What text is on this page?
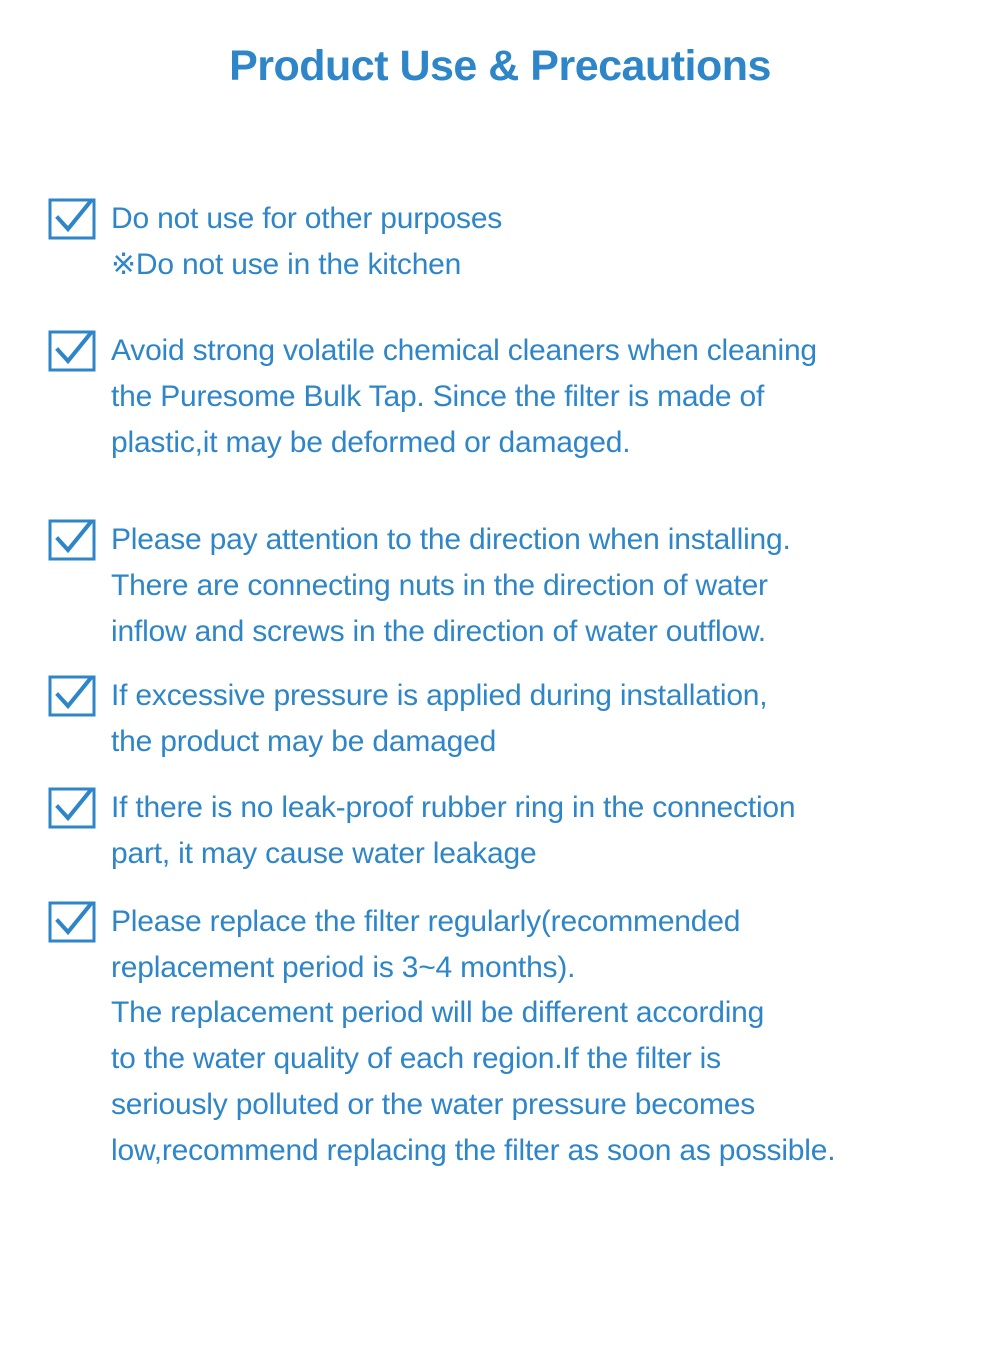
Product Use & Precautions
Do not use for other purposes
※Do not use in the kitchen
Avoid strong volatile chemical cleaners when cleaning
the Puresome Bulk Tap. Since the filter is made of
plastic,it may be deformed or damaged.
Please pay attention to the direction when installing.
There are connecting nuts in the direction of water
inflow and screws in the direction of water outflow.
If excessive pressure is applied during installation,
the product may be damaged
If there is no leak-proof rubber ring in the connection
part, it may cause water leakage
Please replace the filter regularly(recommended
replacement period is 3~4 months).
The replacement period will be different according
to the water quality of each region.If the filter is
seriously polluted or the water pressure becomes
low,recommend replacing the filter as soon as possible.
